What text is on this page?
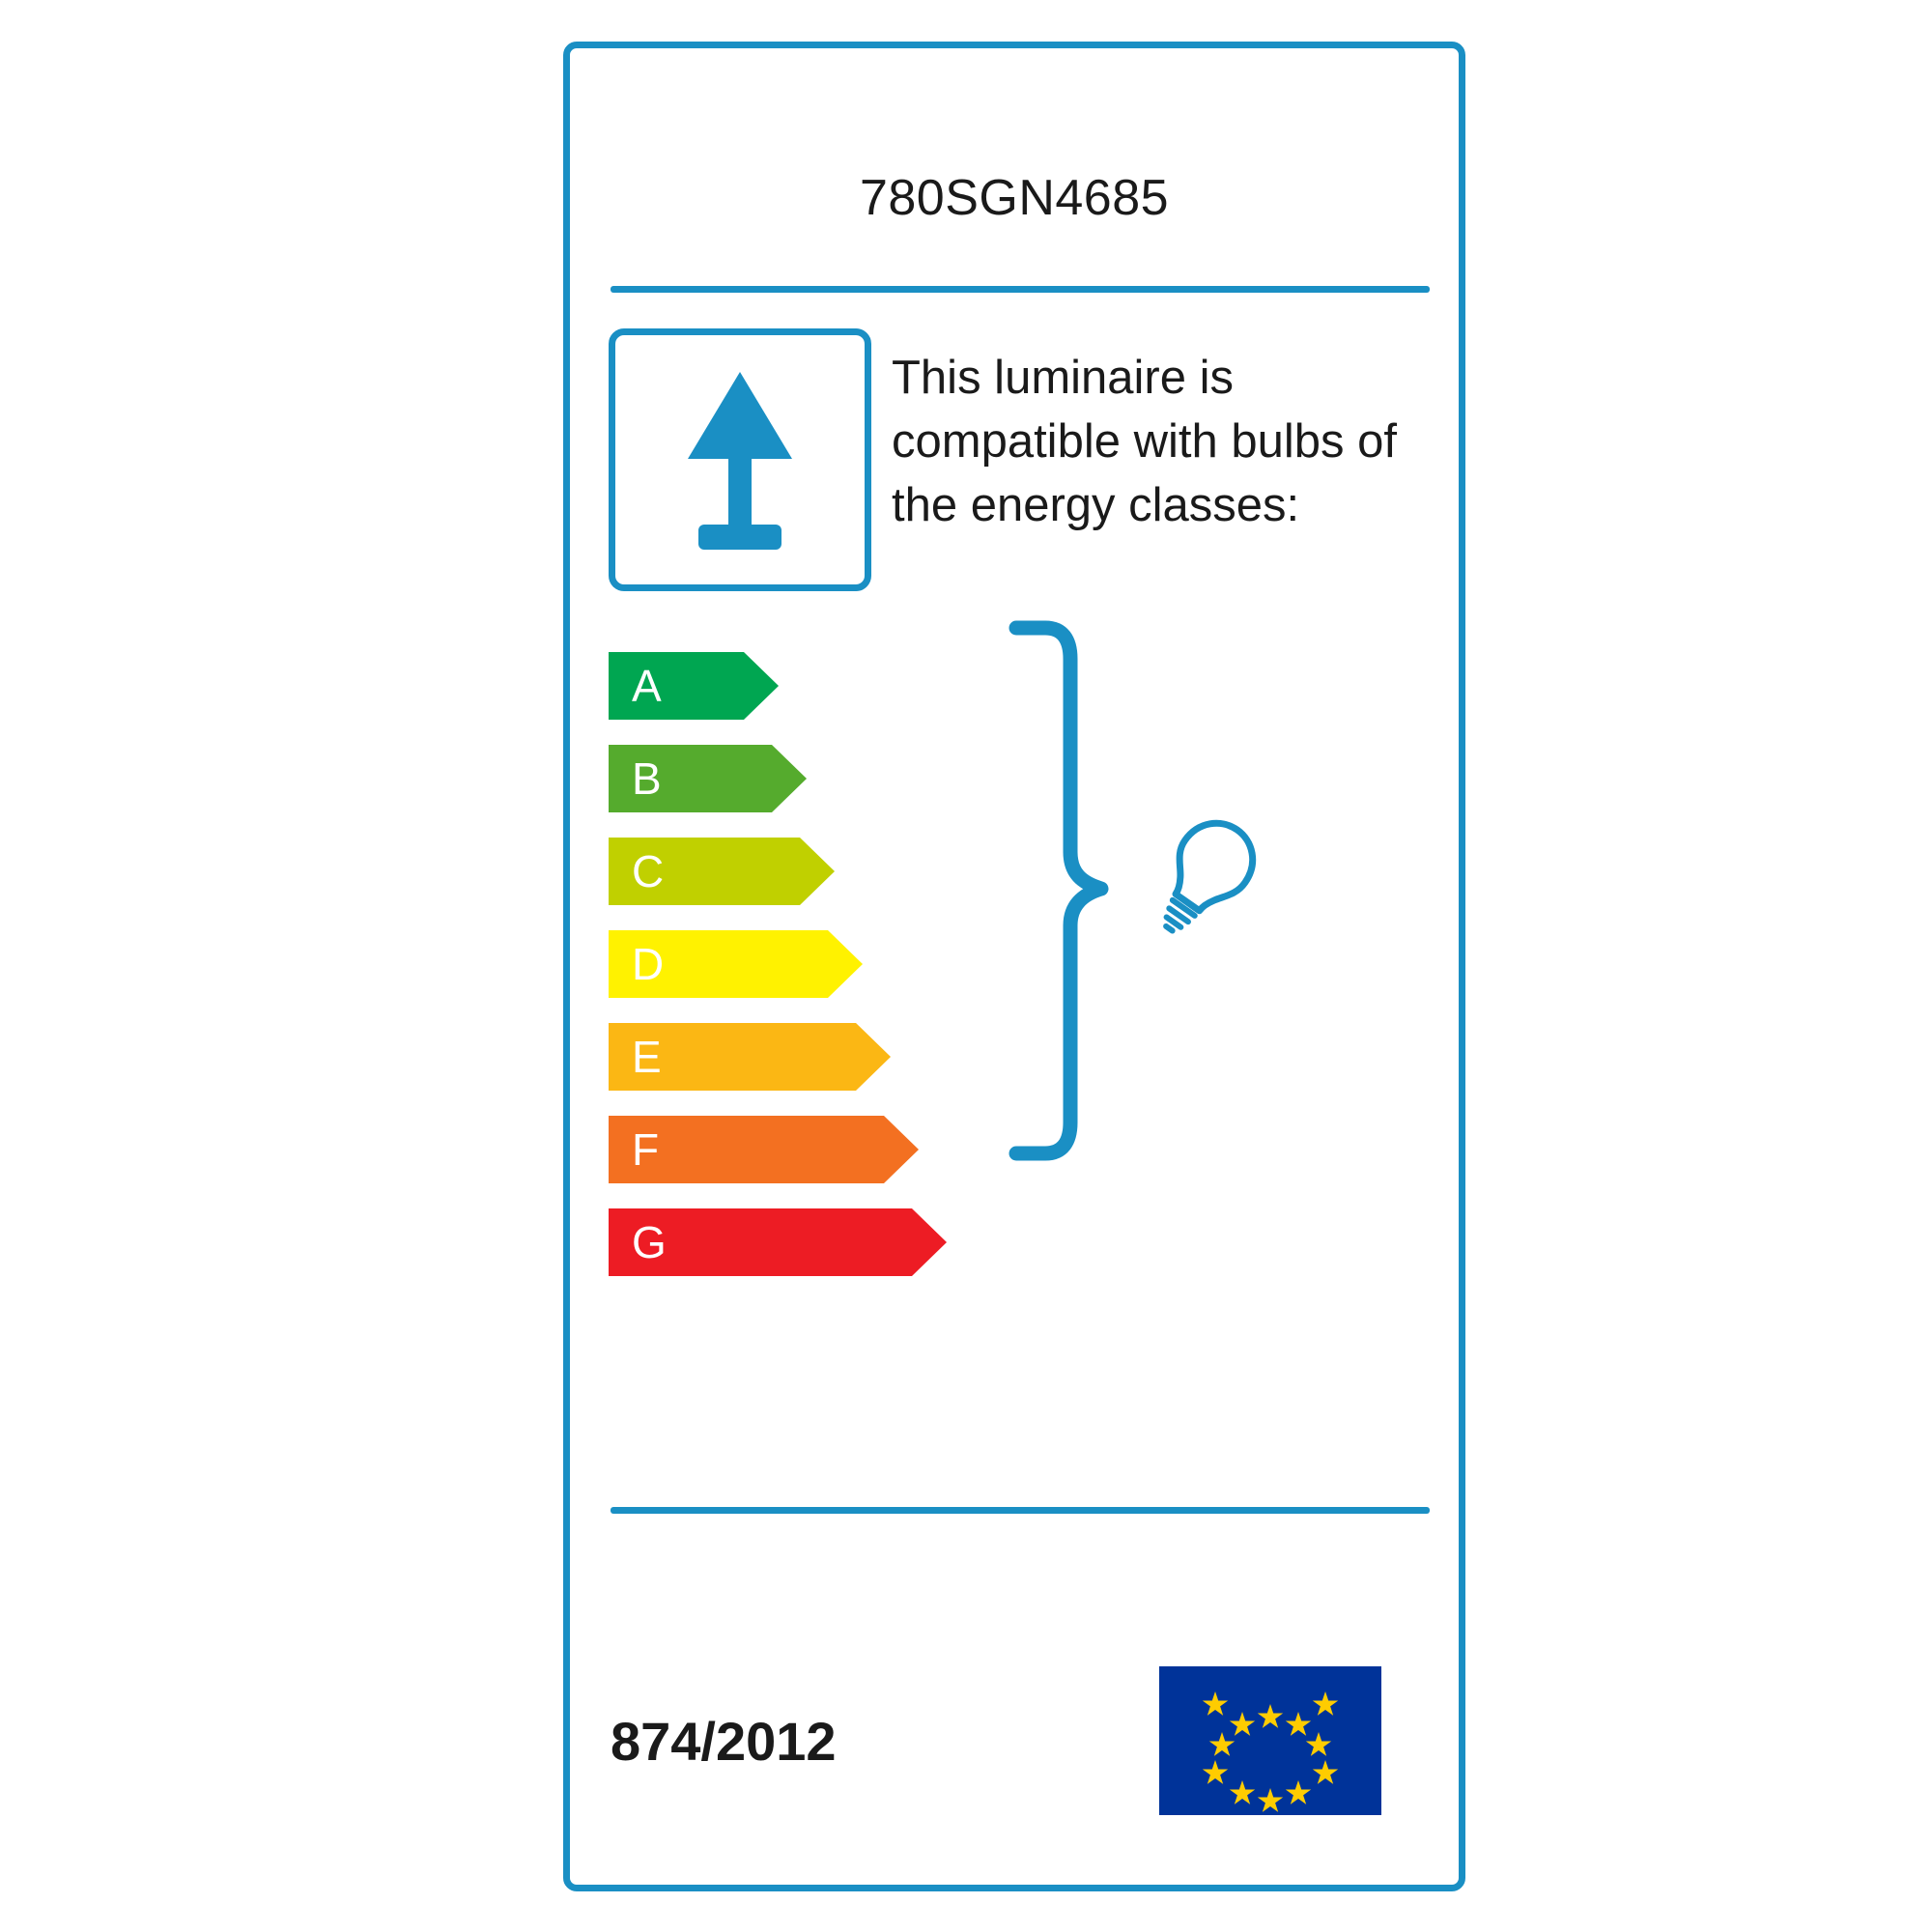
780SGN4685
This luminaire is compatible with bulbs of the energy classes:
A
B
C
D
E
F
G
874/2012
